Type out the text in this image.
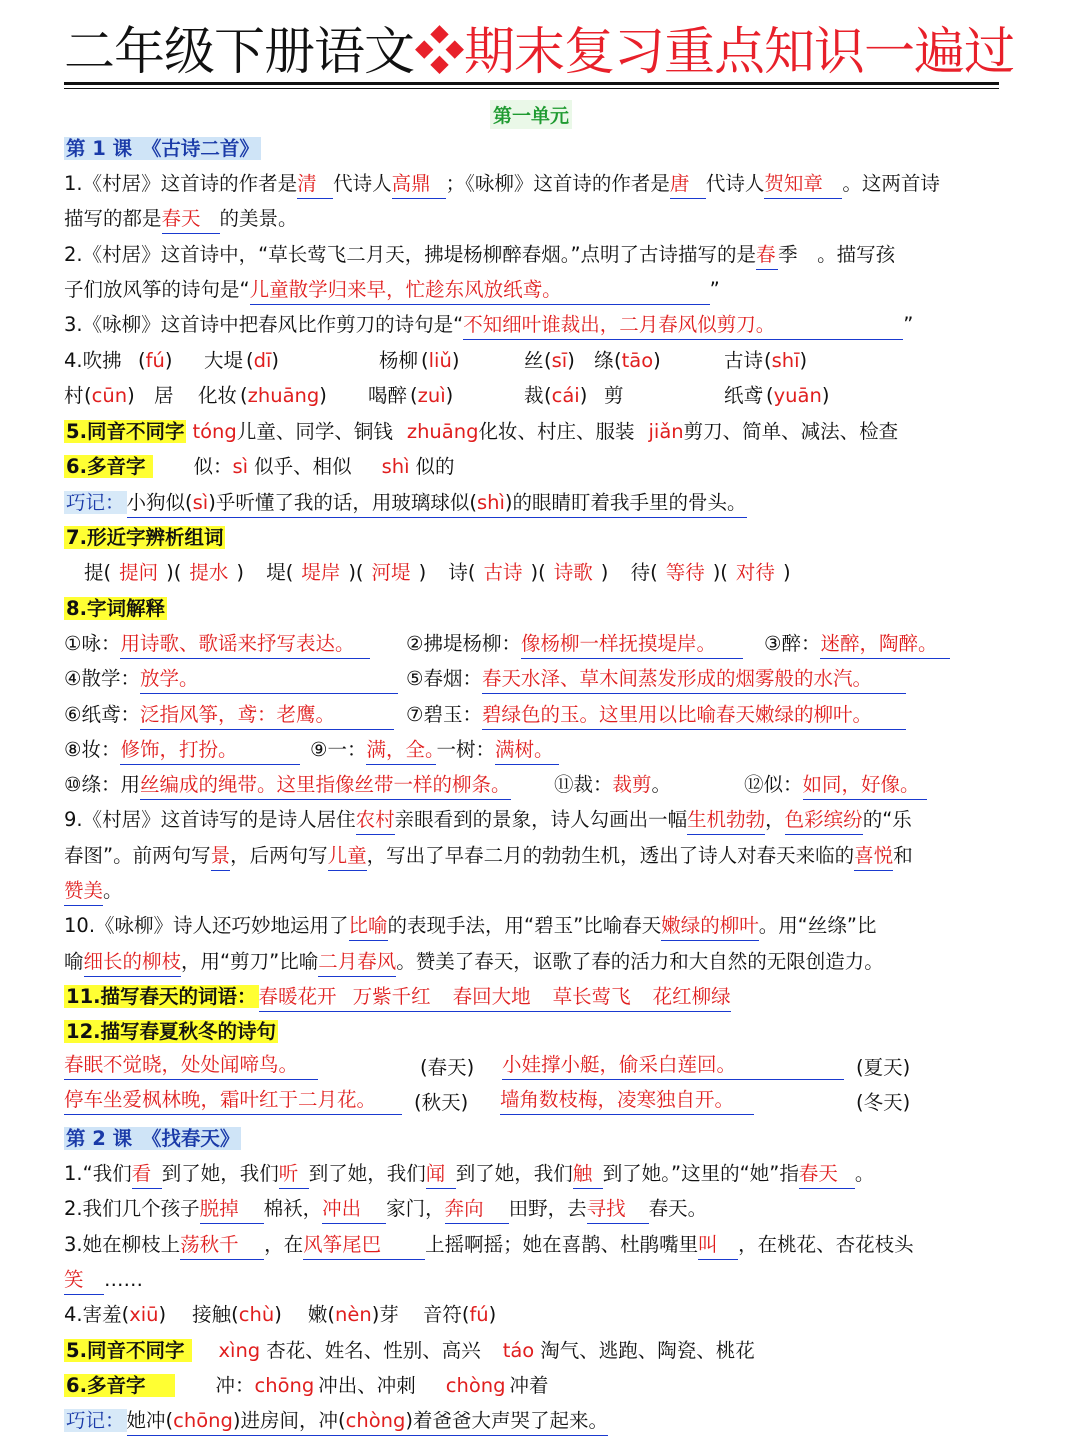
二年级下册语文❖期末复习重点知识一遍过
第一单元
第 1 课　《古诗二首》
1.《村居》这首诗的作者是清 代诗人高鼎 ；《咏柳》这首诗的作者是唐 代诗人贺知章 。这两首诗
描写的都是春天 的美景。
2.《村居》这首诗中，“草长莺飞二月天，拂堤杨柳醉春烟。”点明了古诗描写的是春 季　。描写孩
子们放风筝的诗句是“儿童散学归来早，忙趁东风放纸鸢。	”
3.《咏柳》这首诗中把春风比作剪刀的诗句是“不知细叶谁裁出，二月春风似剪刀。	”
4.吹拂 (fú) 大堤 (dī)	杨柳 (liǔ)	丝 (sī) 绦 (tāo)	古诗 (shī)
村 (cūn) 居 化妆 (zhuāng) 喝醉 (zuì)	裁 (cái) 剪	纸鸢 (yuān)
5.同音不同字 tóng儿童、同学、铜钱 zhuāng化妆、村庄、服装 jiǎn剪刀、简单、减法、检查
6.多音字 似：sì 似乎、相似 shì 似的
巧记： 小狗似(sì)乎听懂了我的话，用玻璃球似(shì)的眼睛盯着我手里的骨头。
7.形近字辨析组词
提( 提问 )( 提水 ) 堤( 堤岸 )( 河堤 ) 诗( 古诗 )( 诗歌 ) 待( 等待 )( 对待 )
8.字词解释
①咏：用诗歌、歌谣来抒写表达。	②拂堤杨柳：像杨柳一样抚摸堤岸。	③醉：迷醉，陶醉。
④散学：放学。	⑤春烟：春天水泽、草木间蒸发形成的烟雾般的水汽。
⑥纸鸢：泛指风筝，鸢：老鹰。	⑦碧玉：碧绿色的玉。这里用以比喻春天嫩绿的柳叶。
⑧妆：修饰，打扮。	⑨一：满，全。一树：满树。
⑩绦：用丝编成的绳带。这里指像丝带一样的柳条。 ⑪裁：裁剪。	⑫似：如同，好像。
9.《村居》这首诗写的是诗人居住农村亲眼看到的景象，诗人勾画出一幅生机勃勃，色彩缤纷的“乐
春图”。前两句写景，后两句写儿童，写出了早春二月的勃勃生机，透出了诗人对春天来临的喜悦和
赞美。
10.《咏柳》诗人还巧妙地运用了比喻的表现手法，用“碧玉”比喻春天嫩绿的柳叶。用“丝绦”比
喻细长的柳枝，用“剪刀”比喻二月春风。赞美了春天，讴歌了春的活力和大自然的无限创造力。
11.描写春天的词语： 春暖花开 万紫千红 春回大地 草长莺飞 花红柳绿
12.描写春夏秋冬的诗句
春眠不觉晓，处处闻啼鸟。	(春天) 小娃撑小艇，偷采白莲回。	(夏天)
停车坐爱枫林晚，霜叶红于二月花。	(秋天) 墙角数枝梅，凌寒独自开。	(冬天)
第 2 课　《找春天》
1.“我们看 到了她，我们听 到了她，我们闻 到了她，我们触 到了她。”这里的“她”指春天 。
2.我们几个孩子脱掉 棉袄，冲出 家门，奔向 田野，去寻找 春天。
3.她在柳枝上荡秋千 ，在风筝尾巴 上摇啊摇；她在喜鹊、杜鹃嘴里叫 ，在桃花、杏花枝头
笑 ……
4.害羞(xiū) 接触(chù) 嫩(nèn)芽 音符(fú)
5.同音不同字 xìng 杏花、姓名、性别、高兴 táo 淘气、逃跑、陶瓷、桃花
6.多音字	冲：chōng 冲出、冲刺 chòng 冲着
巧记： 她冲(chōng)进房间，冲(chòng)着爸爸大声哭了起来。
